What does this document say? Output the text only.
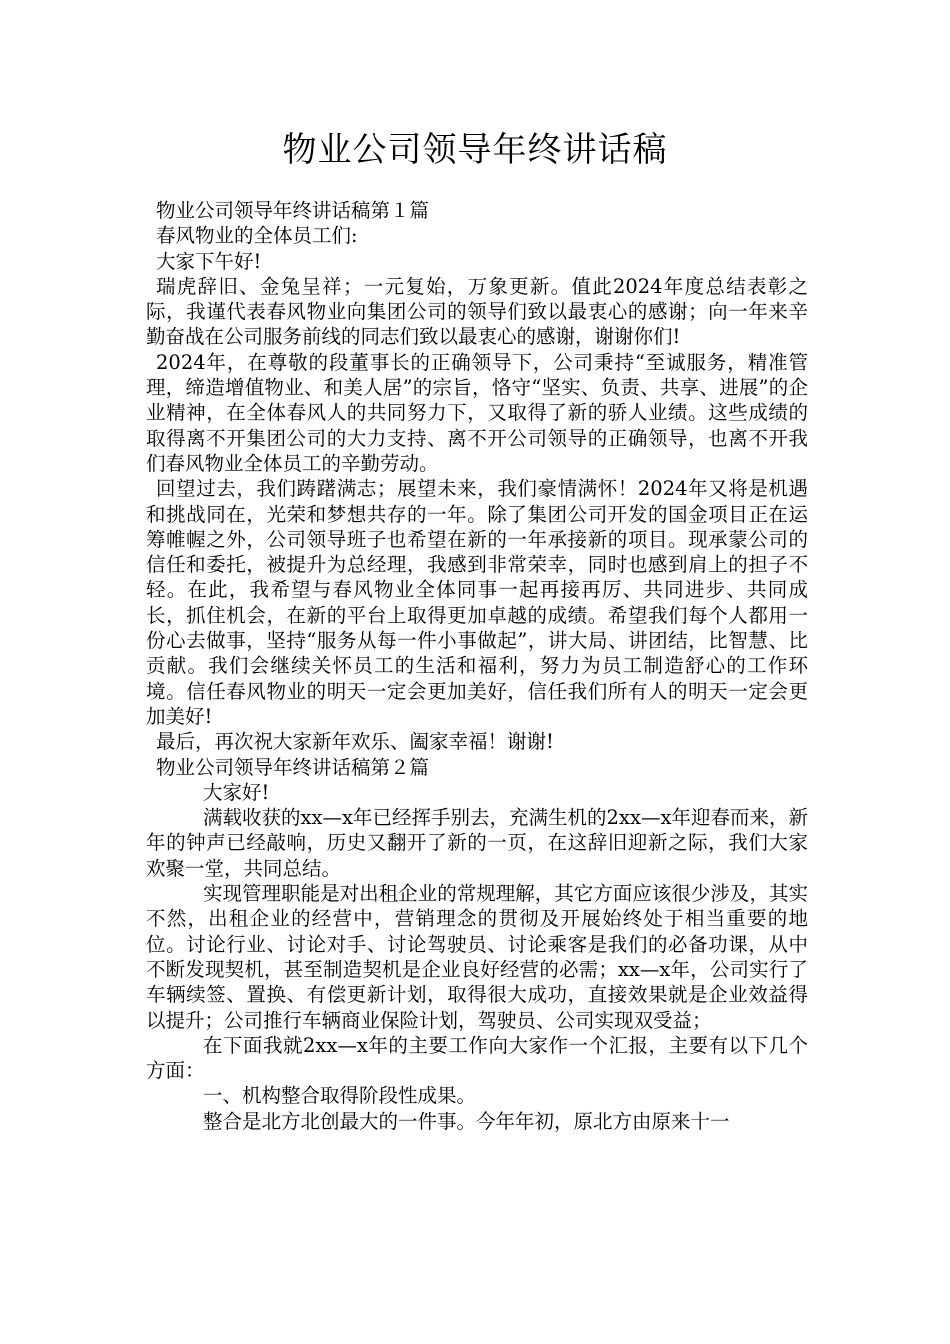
物业公司领导年终讲话稿

物业公司领导年终讲话稿第１篇

春风物业的全体员工们:

大家下午好!

瑞虎辞旧、金兔呈祥；一元复始，万象更新。值此2024年度总结表彰之际，我谨代表春风物业向集团公司的领导们致以最衷心的感谢；向一年来辛勤奋战在公司服务前线的同志们致以最衷心的感谢，谢谢你们!

2024年，在尊敬的段董事长的正确领导下，公司秉持“至诚服务，精准管理，缔造增值物业、和美人居”的宗旨，恪守“坚实、负责、共享、进展”的企业精神，在全体春风人的共同努力下，又取得了新的骄人业绩。这些成绩的取得离不开集团公司的大力支持、离不开公司领导的正确领导，也离不开我们春风物业全体员工的辛勤劳动。

回望过去，我们踌躇满志；展望未来，我们豪情满怀！2024年又将是机遇和挑战同在，光荣和梦想共存的一年。除了集团公司开发的国金项目正在运筹帷幄之外，公司领导班子也希望在新的一年承接新的项目。现承蒙公司的信任和委托，被提升为总经理，我感到非常荣幸，同时也感到肩上的担子不轻。在此，我希望与春风物业全体同事一起再接再厉、共同进步、共同成长，抓住机会，在新的平台上取得更加卓越的成绩。希望我们每个人都用一份心去做事，坚持“服务从每一件小事做起”，讲大局、讲团结，比智慧、比贡献。我们会继续关怀员工的生活和福利，努力为员工制造舒心的工作环境。信任春风物业的明天一定会更加美好，信任我们所有人的明天一定会更加美好!

最后，再次祝大家新年欢乐、阖家幸福！谢谢!

物业公司领导年终讲话稿第２篇

大家好!

满载收获的xx—x年已经挥手别去，充满生机的2xx—x年迎春而来，新年的钟声已经敲响，历史又翻开了新的一页，在这辞旧迎新之际，我们大家欢聚一堂，共同总结。

实现管理职能是对出租企业的常规理解，其它方面应该很少涉及，其实不然，出租企业的经营中，营销理念的贯彻及开展始终处于相当重要的地位。讨论行业、讨论对手、讨论驾驶员、讨论乘客是我们的必备功课，从中不断发现契机，甚至制造契机是企业良好经营的必需；xx—x年，公司实行了车辆续签、置换、有偿更新计划，取得很大成功，直接效果就是企业效益得以提升；公司推行车辆商业保险计划，驾驶员、公司实现双受益；

在下面我就2xx—x年的主要工作向大家作一个汇报，主要有以下几个方面：

一、机构整合取得阶段性成果。

整合是北方北创最大的一件事。今年年初，原北方由原来十一
